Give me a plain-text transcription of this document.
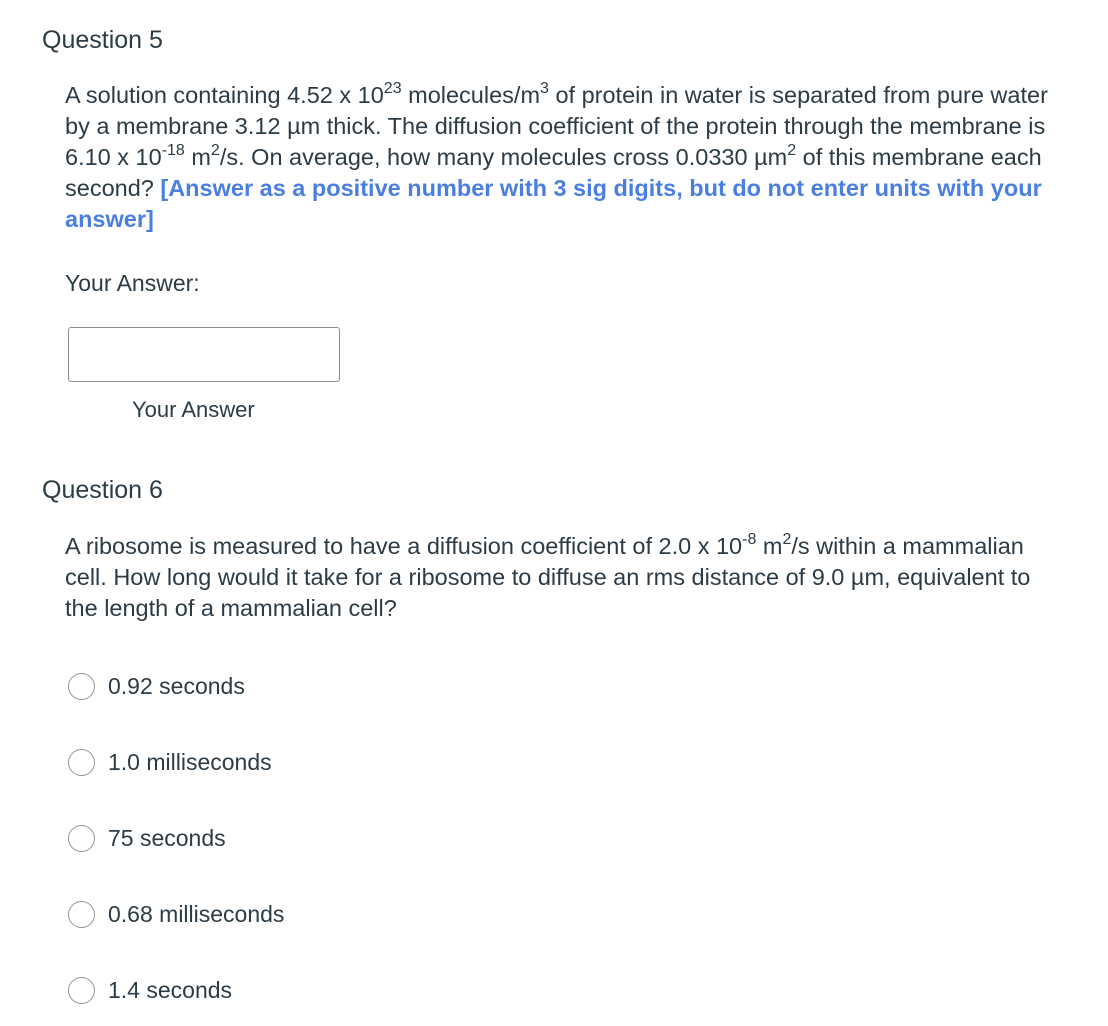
Question 5

A solution containing 4.52 x $10^{23}$ molecules/$m^3$ of protein in water is separated from pure water by a membrane 3.12 µm thick. The diffusion coefficient of the protein through the membrane is 6.10 x $10^{-18}$ $m^2/s$. On average, how many molecules cross 0.0330 µm$^2$ of this membrane each second? [Answer as a positive number with 3 sig digits, but do not enter units with your answer]

Your Answer:
Your Answer
Question 6

A ribosome is measured to have a diffusion coefficient of 2.0 x $10^{-8}$ $m^2/s$ within a mammalian cell. How long would it take for a ribosome to diffuse an rms distance of 9.0 µm, equivalent to the length of a mammalian cell?

0.92 seconds
1.0 milliseconds
75 seconds
0.68 milliseconds
1.4 seconds
